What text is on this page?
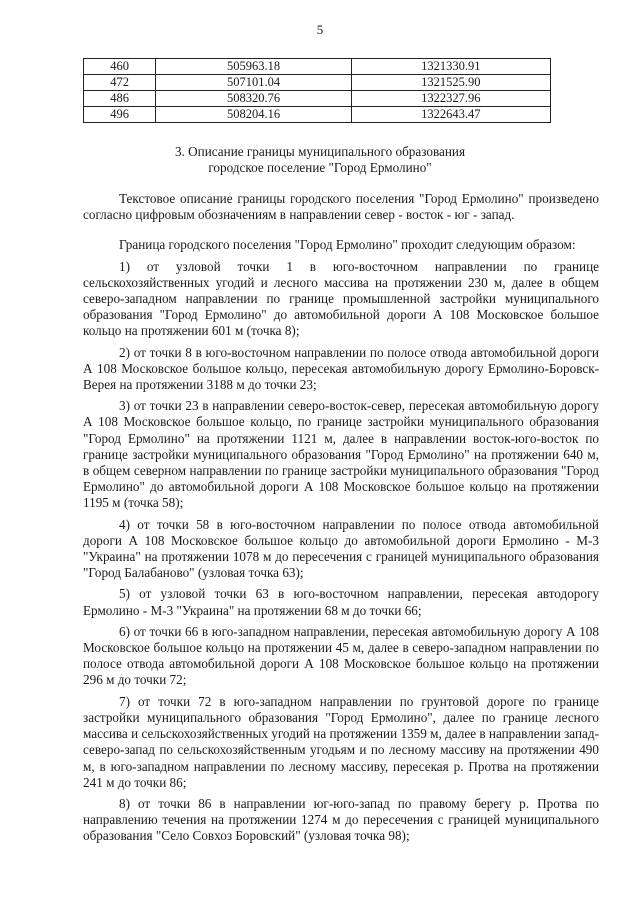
5
460	505963.18	1321330.91
472	507101.04	1321525.90
486	508320.76	1322327.96
496	508204.16	1322643.47
3. Описание границы муниципального образования
городское поселение "Город Ермолино"

Текстовое описание границы городского поселения "Город Ермолино" произведено согласно цифровым обозначениям в направлении север - восток - юг - запад.

Граница городского поселения "Город Ермолино" проходит следующим образом:

1) от узловой точки 1 в юго-восточном направлении по границе сельскохозяйственных угодий и лесного массива на протяжении 230 м, далее в общем северо-западном направлении по границе промышленной застройки муниципального образования "Город Ермолино" до автомобильной дороги А 108 Московское большое кольцо на протяжении 601 м (точка 8);

2) от точки 8 в юго-восточном направлении по полосе отвода автомобильной дороги А 108 Московское большое кольцо, пересекая автомобильную дорогу Ермолино-Боровск-Верея на протяжении 3188 м до точки 23;

3) от точки 23 в направлении северо-восток-север, пересекая автомобильную дорогу А 108 Московское большое кольцо, по границе застройки муниципального образования "Город Ермолино" на протяжении 1121 м, далее в направлении восток-юго-восток по границе застройки муниципального образования "Город Ермолино" на протяжении 640 м, в общем северном направлении по границе застройки муниципального образования "Город Ермолино" до автомобильной дороги А 108 Московское большое кольцо на протяжении 1195 м (точка 58);

4) от точки 58 в юго-восточном направлении по полосе отвода автомобильной дороги А 108 Московское большое кольцо до автомобильной дороги Ермолино - М-3 "Украина" на протяжении 1078 м до пересечения с границей муниципального образования "Город Балабаново" (узловая точка 63);

5) от узловой точки 63 в юго-восточном направлении, пересекая автодорогу Ермолино - М-3 "Украина" на протяжении 68 м до точки 66;

6) от точки 66 в юго-западном направлении, пересекая автомобильную дорогу А 108 Московское большое кольцо на протяжении 45 м, далее в северо-западном направлении по полосе отвода автомобильной дороги А 108 Московское большое кольцо на протяжении 296 м до точки 72;

7) от точки 72 в юго-западном направлении по грунтовой дороге по границе застройки муниципального образования "Город Ермолино", далее по границе лесного массива и сельскохозяйственных угодий на протяжении 1359 м, далее в направлении запад-северо-запад по сельскохозяйственным угодьям и по лесному массиву на протяжении 490 м, в юго-западном направлении по лесному массиву, пересекая р. Протва на протяжении 241 м до точки 86;

8) от точки 86 в направлении юг-юго-запад по правому берегу р. Протва по направлению течения на протяжении 1274 м до пересечения с границей муниципального образования "Село Совхоз Боровский" (узловая точка 98);
